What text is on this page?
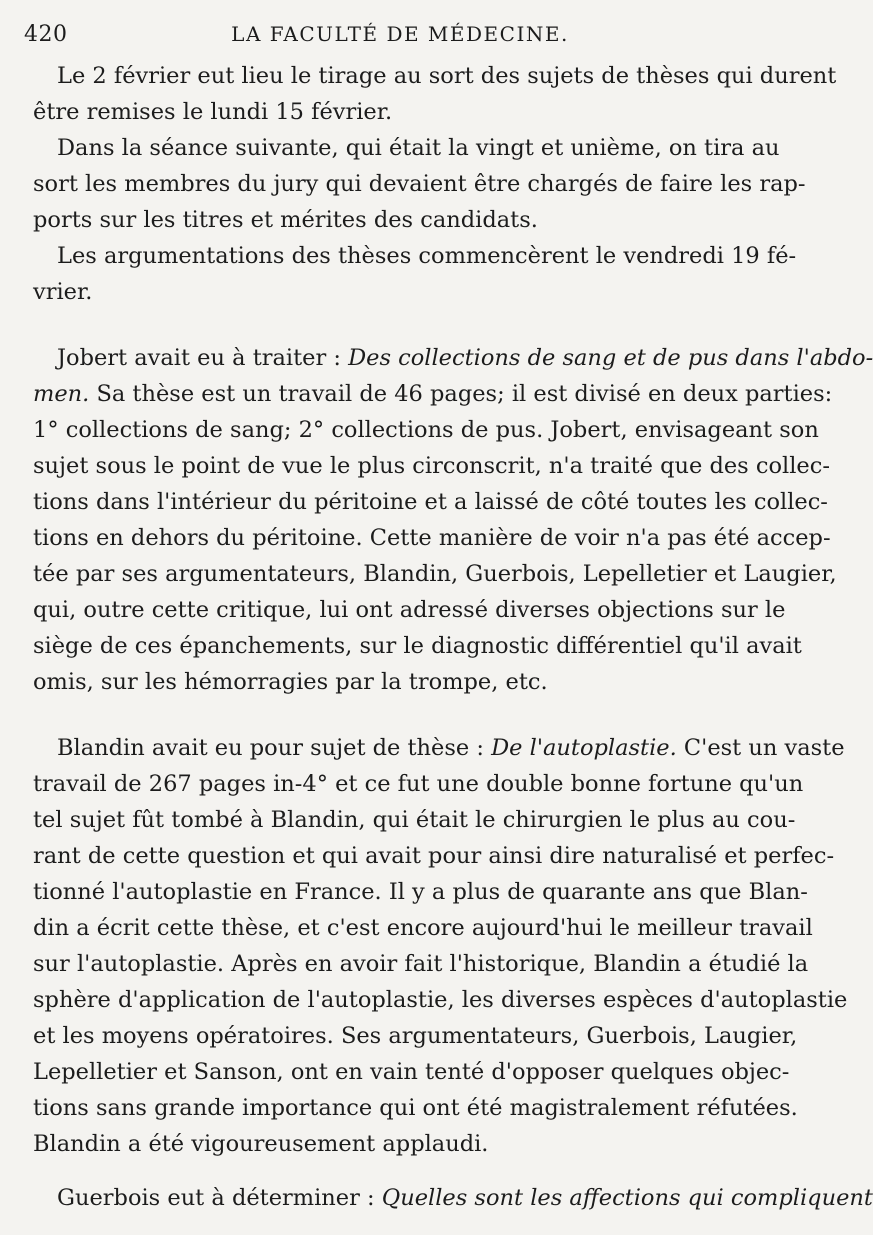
420	LA FACULTÉ DE MÉDECINE.
Le 2 février eut lieu le tirage au sort des sujets de thèses qui durent
être remises le lundi 15 février.
Dans la séance suivante, qui était la vingt et unième, on tira au
sort les membres du jury qui devaient être chargés de faire les rap-
ports sur les titres et mérites des candidats.
Les argumentations des thèses commencèrent le vendredi 19 fé-
vrier.
Jobert avait eu à traiter : Des collections de sang et de pus dans l'abdo-
men. Sa thèse est un travail de 46 pages; il est divisé en deux parties:
1° collections de sang; 2° collections de pus. Jobert, envisageant son
sujet sous le point de vue le plus circonscrit, n'a traité que des collec-
tions dans l'intérieur du péritoine et a laissé de côté toutes les collec-
tions en dehors du péritoine. Cette manière de voir n'a pas été accep-
tée par ses argumentateurs, Blandin, Guerbois, Lepelletier et Laugier,
qui, outre cette critique, lui ont adressé diverses objections sur le
siège de ces épanchements, sur le diagnostic différentiel qu'il avait
omis, sur les hémorragies par la trompe, etc.
Blandin avait eu pour sujet de thèse : De l'autoplastie. C'est un vaste
travail de 267 pages in-4° et ce fut une double bonne fortune qu'un
tel sujet fût tombé à Blandin, qui était le chirurgien le plus au cou-
rant de cette question et qui avait pour ainsi dire naturalisé et perfec-
tionné l'autoplastie en France. Il y a plus de quarante ans que Blan-
din a écrit cette thèse, et c'est encore aujourd'hui le meilleur travail
sur l'autoplastie. Après en avoir fait l'historique, Blandin a étudié la
sphère d'application de l'autoplastie, les diverses espèces d'autoplastie
et les moyens opératoires. Ses argumentateurs, Guerbois, Laugier,
Lepelletier et Sanson, ont en vain tenté d'opposer quelques objec-
tions sans grande importance qui ont été magistralement réfutées.
Blandin a été vigoureusement applaudi.
Guerbois eut à déterminer : Quelles sont les affections qui compliquent
